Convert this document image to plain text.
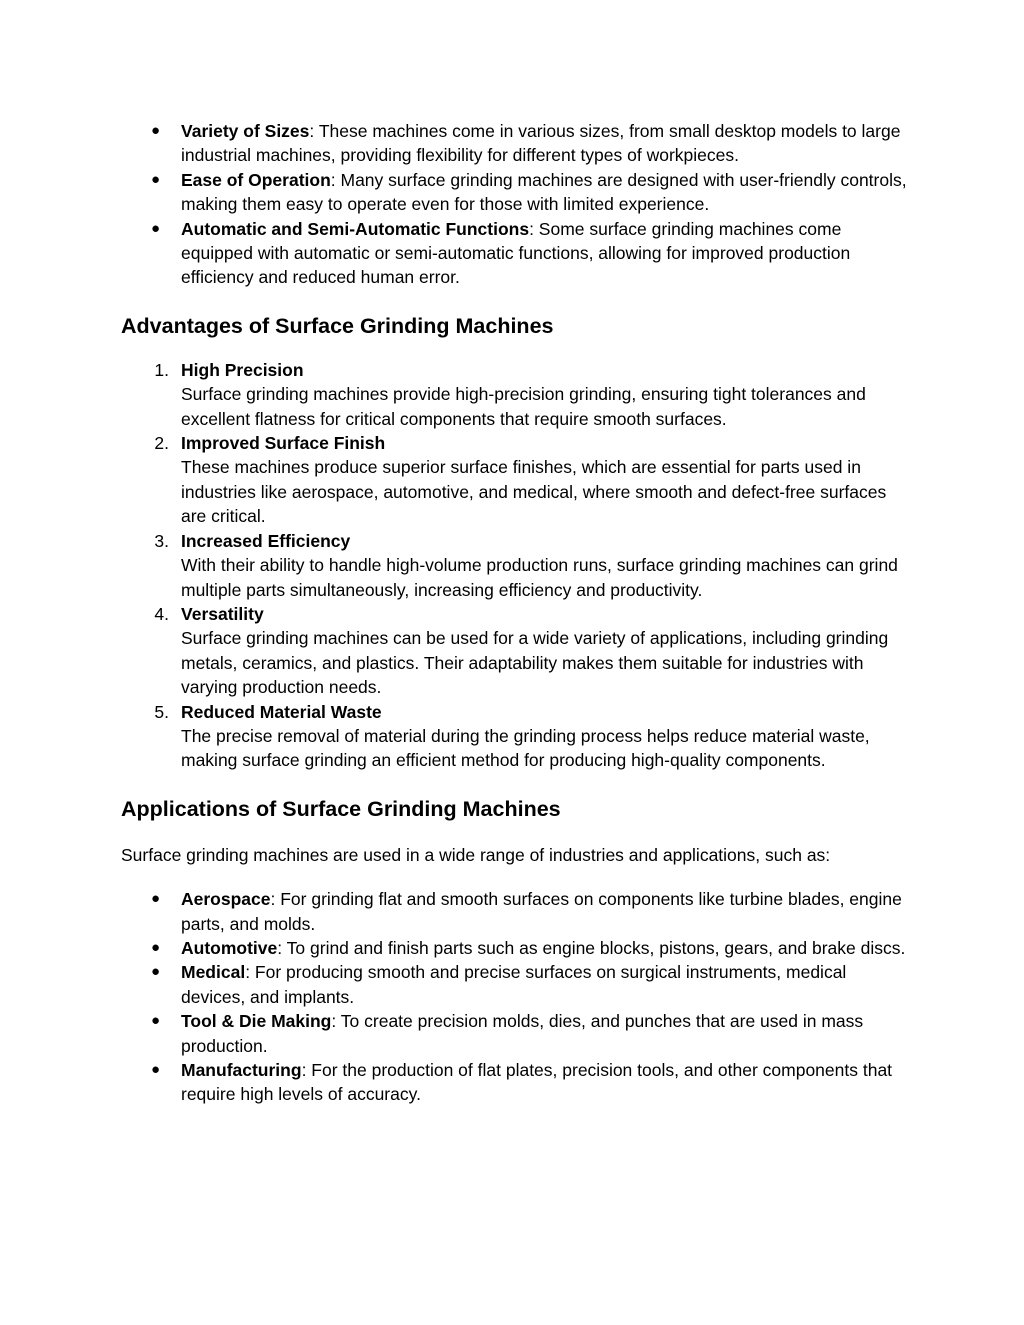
● Variety of Sizes: These machines come in various sizes, from small desktop models to large industrial machines, providing flexibility for different types of workpieces.
● Ease of Operation: Many surface grinding machines are designed with user-friendly controls, making them easy to operate even for those with limited experience.
● Automatic and Semi-Automatic Functions: Some surface grinding machines come equipped with automatic or semi-automatic functions, allowing for improved production efficiency and reduced human error.
Advantages of Surface Grinding Machines
1. High Precision
Surface grinding machines provide high-precision grinding, ensuring tight tolerances and excellent flatness for critical components that require smooth surfaces.
2. Improved Surface Finish
These machines produce superior surface finishes, which are essential for parts used in industries like aerospace, automotive, and medical, where smooth and defect-free surfaces are critical.
3. Increased Efficiency
With their ability to handle high-volume production runs, surface grinding machines can grind multiple parts simultaneously, increasing efficiency and productivity.
4. Versatility
Surface grinding machines can be used for a wide variety of applications, including grinding metals, ceramics, and plastics. Their adaptability makes them suitable for industries with varying production needs.
5. Reduced Material Waste
The precise removal of material during the grinding process helps reduce material waste, making surface grinding an efficient method for producing high-quality components.
Applications of Surface Grinding Machines

Surface grinding machines are used in a wide range of industries and applications, such as:

● Aerospace: For grinding flat and smooth surfaces on components like turbine blades, engine parts, and molds.
● Automotive: To grind and finish parts such as engine blocks, pistons, gears, and brake discs.
● Medical: For producing smooth and precise surfaces on surgical instruments, medical devices, and implants.
● Tool & Die Making: To create precision molds, dies, and punches that are used in mass production.
● Manufacturing: For the production of flat plates, precision tools, and other components that require high levels of accuracy.
